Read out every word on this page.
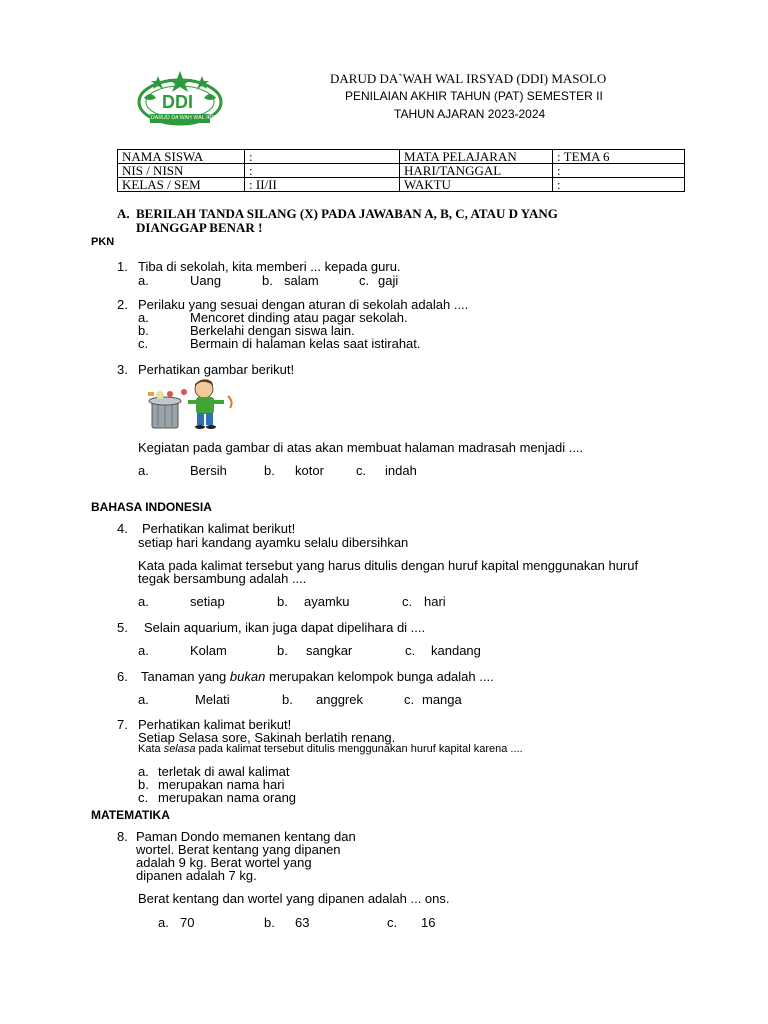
DDI
DARUD DA'WAH WAL IRSYAD
DARUD DA`WAH WAL IRSYAD (DDI) MASOLO
PENILAIAN AKHIR TAHUN (PAT) SEMESTER II
TAHUN AJARAN 2023-2024
NAMA SISWA	:	MATA PELAJARAN	: TEMA 6
NIS / NISN	:	HARI/TANGGAL	:
KELAS / SEM	: II/II	WAKTU	:
A. BERILAH TANDA SILANG (X) PADA JAWABAN A, B, C, ATAU D YANG
DIANGGAP BENAR !
PKN
1. Tiba di sekolah, kita memberi ... kepada guru.
a.	Uang	b. salam	c. gaji
2. Perilaku yang sesuai dengan aturan di sekolah adalah ....
a.	Mencoret dinding atau pagar sekolah.
b.	Berkelahi dengan siswa lain.
c.	Bermain di halaman kelas saat istirahat.
3. Perhatikan gambar berikut!
Kegiatan pada gambar di atas akan membuat halaman madrasah menjadi ....
a.	Bersih	b. kotor c. indah
BAHASA INDONESIA
4. Perhatikan kalimat berikut!
setiap hari kandang ayamku selalu dibersihkan
Kata pada kalimat tersebut yang harus ditulis dengan huruf kapital menggunakan huruf
tegak bersambung adalah ....
a.	setiap	b. ayamku	c. hari
5. Selain aquarium, ikan juga dapat dipelihara di ....
a.	Kolam	b. sangkar	c. kandang
6. Tanaman yang bukan merupakan kelompok bunga adalah ....
a.	Melati	b. anggrek	c. manga
7. Perhatikan kalimat berikut!
Setiap Selasa sore, Sakinah berlatih renang.
Kata selasa pada kalimat tersebut ditulis menggunakan huruf kapital karena ....
a. terletak di awal kalimat
b. merupakan nama hari
c. merupakan nama orang
MATEMATIKA
8. Paman Dondo memanen kentang dan
wortel. Berat kentang yang dipanen
adalah 9 kg. Berat wortel yang
dipanen adalah 7 kg.
Berat kentang dan wortel yang dipanen adalah ... ons.
a. 70	b. 63	c. 16
